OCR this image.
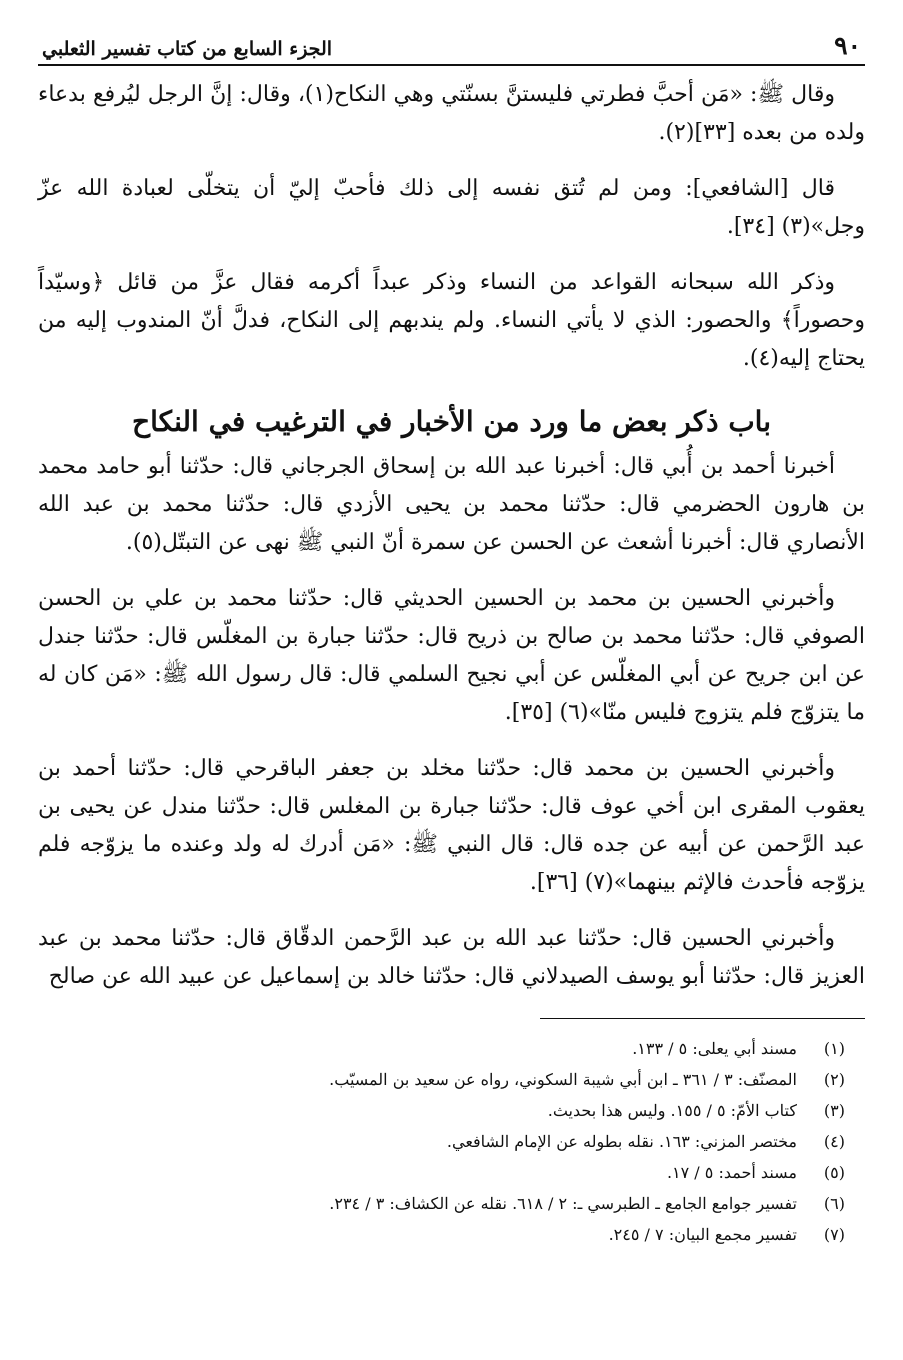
٩٠
الجزء السابع من كتاب تفسير الثعلبي

وقال ﷺ: «مَن أحبَّ فطرتي فليستنَّ بسنّتي وهي النكاح(١)، وقال: إنَّ الرجل ليُرفع بدعاء ولده من بعده [٣٣](٢).

قال [الشافعي]: ومن لم تُتق نفسه إلى ذلك فأحبّ إليّ أن يتخلّى لعبادة الله عزّ وجل»(٣) [٣٤].

وذكر الله سبحانه القواعد من النساء وذكر عبداً أكرمه فقال عزَّ من قائل ﴿وسيّداً وحصوراً﴾ والحصور: الذي لا يأتي النساء. ولم يندبهم إلى النكاح، فدلَّ أنّ المندوب إليه من يحتاج إليه(٤).

باب ذكر بعض ما ورد من الأخبار في الترغيب في النكاح

أخبرنا أحمد بن أُبي قال: أخبرنا عبد الله بن إسحاق الجرجاني قال: حدّثنا أبو حامد محمد بن هارون الحضرمي قال: حدّثنا محمد بن يحيى الأزدي قال: حدّثنا محمد بن عبد الله الأنصاري قال: أخبرنا أشعث عن الحسن عن سمرة أنّ النبي ﷺ نهى عن التبتّل(٥).

وأخبرني الحسين بن محمد بن الحسين الحديثي قال: حدّثنا محمد بن علي بن الحسن الصوفي قال: حدّثنا محمد بن صالح بن ذريح قال: حدّثنا جبارة بن المغلّس قال: حدّثنا جندل عن ابن جريح عن أبي المغلّس عن أبي نجيح السلمي قال: قال رسول الله ﷺ: «مَن كان له ما يتزوّج فلم يتزوج فليس منّا»(٦) [٣٥].

وأخبرني الحسين بن محمد قال: حدّثنا مخلد بن جعفر الباقرحي قال: حدّثنا أحمد بن يعقوب المقرى ابن أخي عوف قال: حدّثنا جبارة بن المغلس قال: حدّثنا مندل عن يحيى بن عبد الرَّحمن عن أبيه عن جده قال: قال النبي ﷺ: «مَن أدرك له ولد وعنده ما يزوّجه فلم يزوّجه فأحدث فالإثم بينهما»(٧) [٣٦].

وأخبرني الحسين قال: حدّثنا عبد الله بن عبد الرَّحمن الدقّاق قال: حدّثنا محمد بن عبد العزيز قال: حدّثنا أبو يوسف الصيدلاني قال: حدّثنا خالد بن إسماعيل عن عبيد الله عن صالح

(١)
مسند أبي يعلى: ٥ / ١٣٣.
(٢)
المصنّف: ٣ / ٣٦١ ـ ابن أبي شيبة السكوني، رواه عن سعيد بن المسيّب.
(٣)
كتاب الأمّ: ٥ / ١٥٥. وليس هذا بحديث.
(٤)
مختصر المزني: ١٦٣. نقله بطوله عن الإمام الشافعي.
(٥)
مسند أحمد: ٥ / ١٧.
(٦)
تفسير جوامع الجامع ـ الطبرسي ـ: ٢ / ٦١٨. نقله عن الكشاف: ٣ / ٢٣٤.
(٧)
تفسير مجمع البيان: ٧ / ٢٤٥.
